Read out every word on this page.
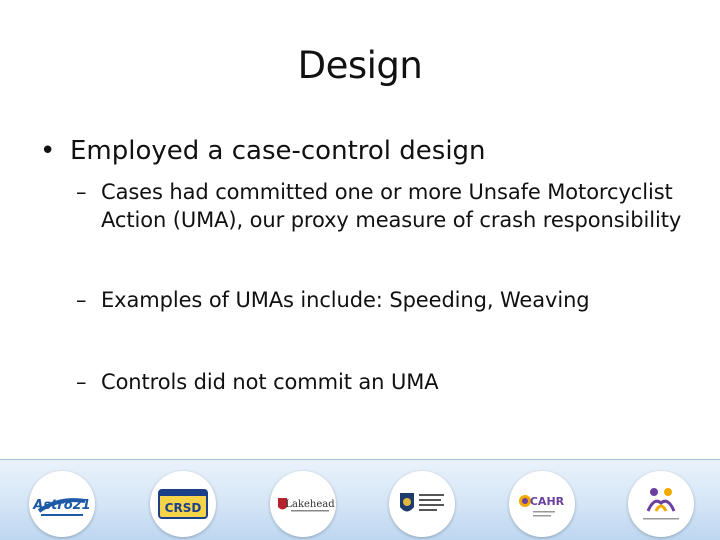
Design
• Employed a case-control design
– Cases had committed one or more Unsafe Motorcyclist Action (UMA), our proxy measure of crash responsibility
– Examples of UMAs include: Speeding, Weaving
– Controls did not commit an UMA
Astro21	CRSD	Lakehead	CAHR
